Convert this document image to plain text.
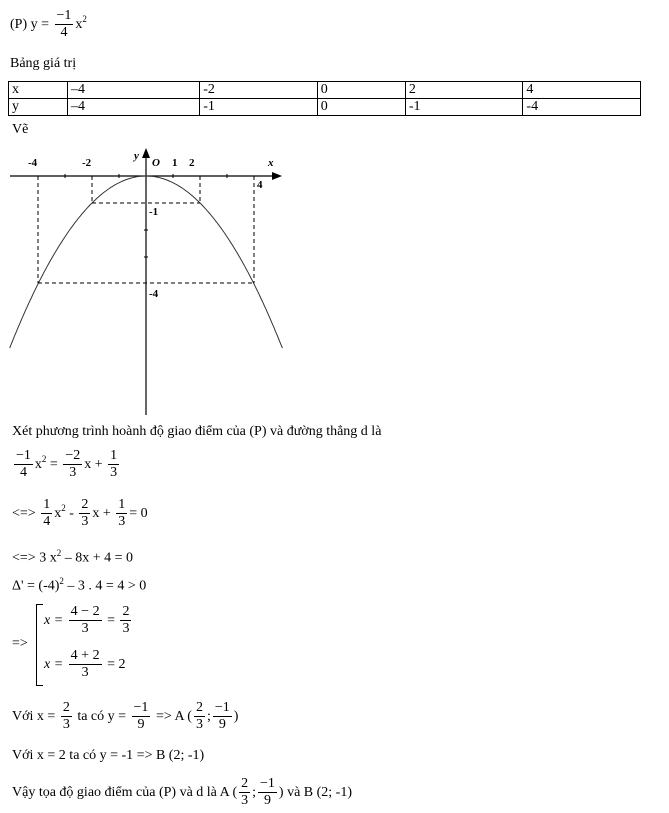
(P) $y = \frac{-1}{4} x^2$
Bảng giá trị
x	–4	-2	0	2	4
y	–4	-1	0	-1	-4
Vẽ
-4	-2	1 2
4
O	x
y
-1
-4
Xét phương trình hoành độ giao điểm của (P) và đường thẳng d là
$\frac{-1}{4} x^2 = \frac{-2}{3}$ $x + \frac{1}{3}$
<=> $\frac{1}{4} x^2 - \frac{2}{3}$ $x + \frac{1}{3} = 0$
<=> 3 $x^2 - 8x + 4 = 0$
$\Delta' = (-4)^2 - 3$ . 4 = 4 > 0
=>
$x = \frac{4 - 2}{3} = \frac{2}{3}$
$x = \frac{4 + 2}{3} = 2$
Với $x = \frac{2}{3}$ ta có $y = \frac{-1}{9} => A$ ( $\frac{2}{3}$ ; $\frac{-1}{9}$ )
Với x = 2 ta có y = -1 => B (2; -1)
Vậy tọa độ giao điểm của (P) và d là A ( $\frac{2}{3}$ ; $\frac{-1}{9}$ ) và B (2; -1)
